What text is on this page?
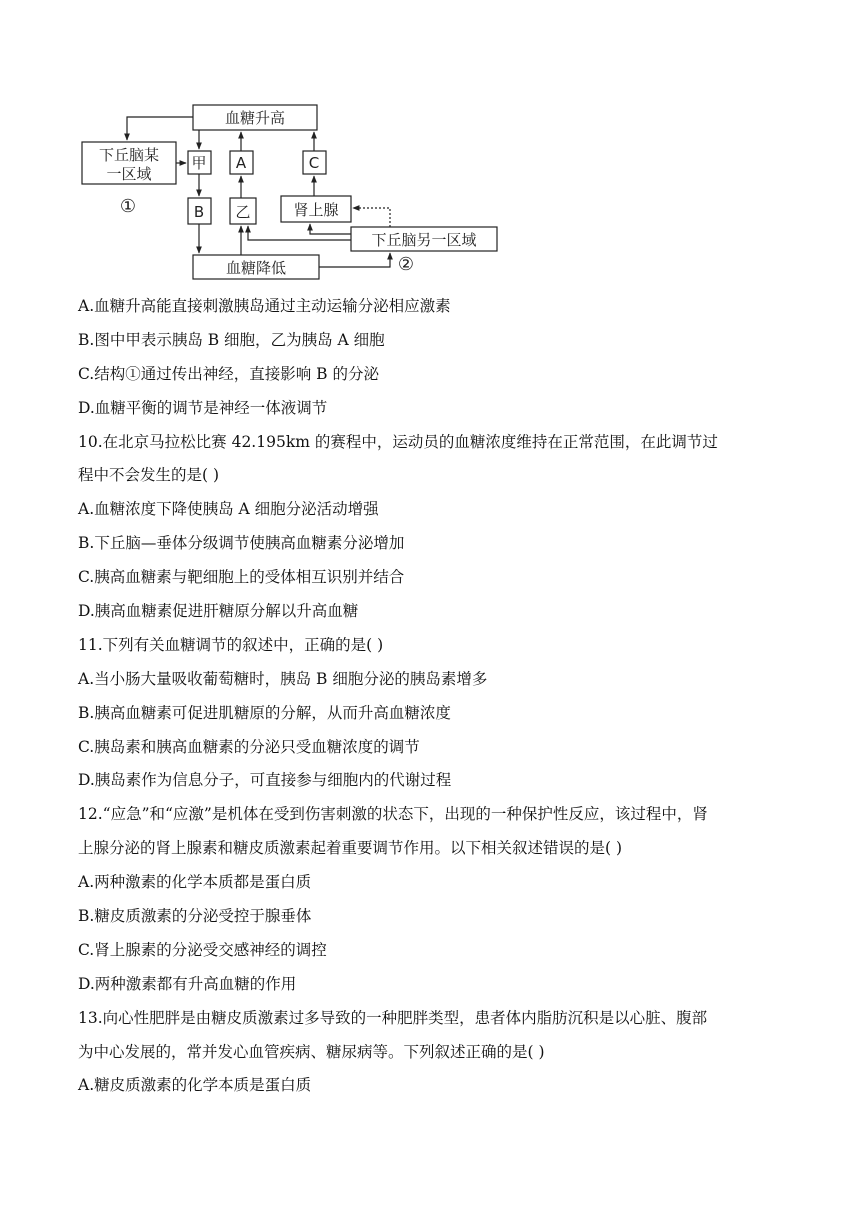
血糖升高
下丘脑某
一区域
甲 A	C
B 乙	肾上腺
下丘脑另一区域
血糖降低
①
②
A.血糖升高能直接刺激胰岛通过主动运输分泌相应激素
B.图中甲表示胰岛 B 细胞，乙为胰岛 A 细胞
C.结构①通过传出神经，直接影响 B 的分泌
D.血糖平衡的调节是神经一体液调节
10.在北京马拉松比赛 42.195km 的赛程中，运动员的血糖浓度维持在正常范围，在此调节过
程中不会发生的是( )
A.血糖浓度下降使胰岛 A 细胞分泌活动增强
B.下丘脑—垂体分级调节使胰高血糖素分泌增加
C.胰高血糖素与靶细胞上的受体相互识别并结合
D.胰高血糖素促进肝糖原分解以升高血糖
11.下列有关血糖调节的叙述中，正确的是( )
A.当小肠大量吸收葡萄糖时，胰岛 B 细胞分泌的胰岛素增多
B.胰高血糖素可促进肌糖原的分解，从而升高血糖浓度
C.胰岛素和胰高血糖素的分泌只受血糖浓度的调节
D.胰岛素作为信息分子，可直接参与细胞内的代谢过程
12.“应急”和“应激”是机体在受到伤害刺激的状态下，出现的一种保护性反应，该过程中，肾
上腺分泌的肾上腺素和糖皮质激素起着重要调节作用。以下相关叙述错误的是( )
A.两种激素的化学本质都是蛋白质
B.糖皮质激素的分泌受控于腺垂体
C.肾上腺素的分泌受交感神经的调控
D.两种激素都有升高血糖的作用
13.向心性肥胖是由糖皮质激素过多导致的一种肥胖类型，患者体内脂肪沉积是以心脏、腹部
为中心发展的，常并发心血管疾病、糖尿病等。下列叙述正确的是( )
A.糖皮质激素的化学本质是蛋白质
